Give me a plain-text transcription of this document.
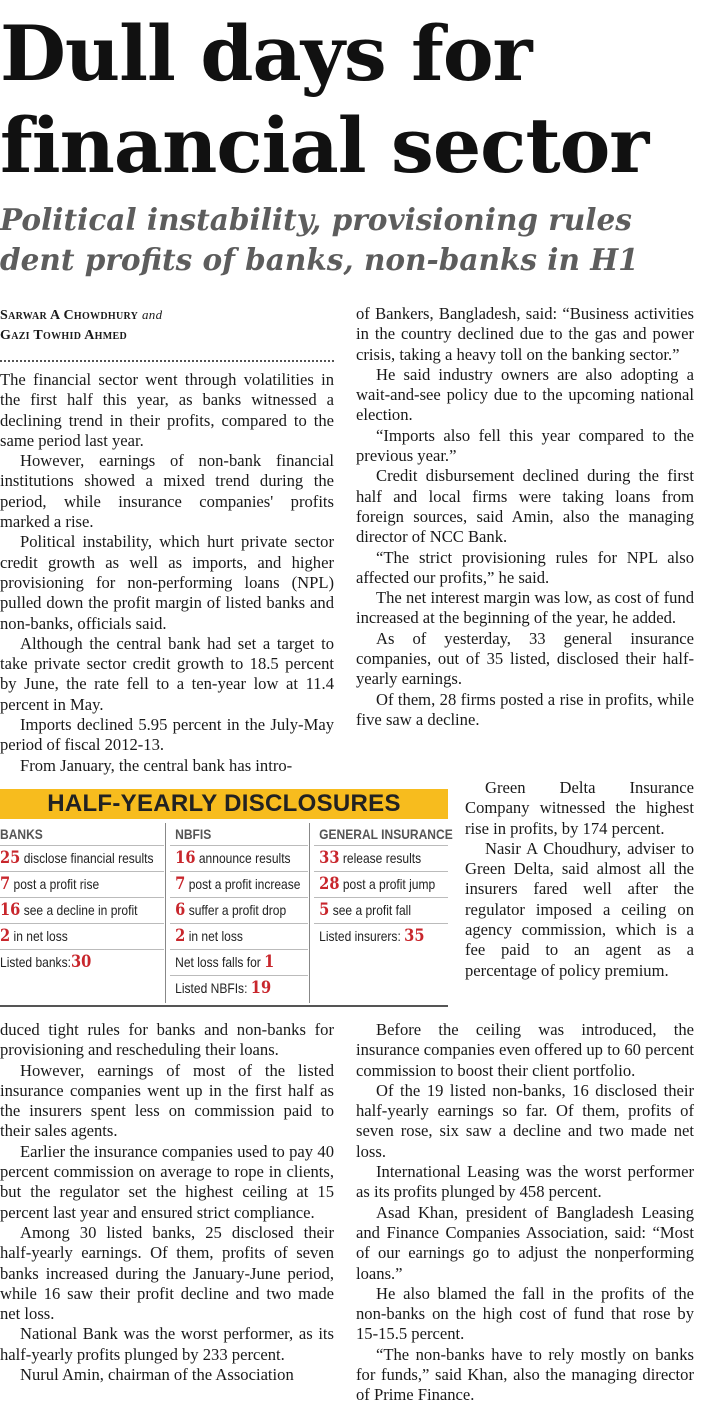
Dull days for
financial sector
Political instability, provisioning rules
dent profits of banks, non-banks in H1
Sarwar A Chowdhury and
Gazi Towhid Ahmed

The financial sector went through volatilities in the first half this year, as banks witnessed a declining trend in their profits, compared to the same period last year.

However, earnings of non-bank financial institutions showed a mixed trend during the period, while insurance companies' profits marked a rise.

Political instability, which hurt private sector credit growth as well as imports, and higher provisioning for non-performing loans (NPL) pulled down the profit margin of listed banks and non-banks, officials said.

Although the central bank had set a target to take private sector credit growth to 18.5 percent by June, the rate fell to a ten-year low at 11.4 percent in May.

Imports declined 5.95 percent in the July-May period of fiscal 2012-13.

From January, the central bank has intro-

HALF-YEARLY DISCLOSURES
BANKS
25 disclose financial results
7 post a profit rise
16 see a decline in profit
2 in net loss
Listed banks:30
NBFIS
16 announce results
7 post a profit increase
6 suffer a profit drop
2 in net loss
Net loss falls for 1
Listed NBFIs: 19
GENERAL INSURANCE
33 release results
28 post a profit jump
5 see a profit fall
Listed insurers: 35

duced tight rules for banks and non-banks for provisioning and rescheduling their loans.

However, earnings of most of the listed insurance companies went up in the first half as the insurers spent less on commission paid to their sales agents.

Earlier the insurance companies used to pay 40 percent commission on average to rope in clients, but the regulator set the highest ceiling at 15 percent last year and ensured strict compliance.

Among 30 listed banks, 25 disclosed their half-yearly earnings. Of them, profits of seven banks increased during the January-June period, while 16 saw their profit decline and two made net loss.

National Bank was the worst performer, as its half-yearly profits plunged by 233 percent.

Nurul Amin, chairman of the Association

of Bankers, Bangladesh, said: “Business activities in the country declined due to the gas and power crisis, taking a heavy toll on the banking sector.”

He said industry owners are also adopting a wait-and-see policy due to the upcoming national election.

“Imports also fell this year compared to the previous year.”

Credit disbursement declined during the first half and local firms were taking loans from foreign sources, said Amin, also the managing director of NCC Bank.

“The strict provisioning rules for NPL also affected our profits,” he said.

The net interest margin was low, as cost of fund increased at the beginning of the year, he added.

As of yesterday, 33 general insurance companies, out of 35 listed, disclosed their half-yearly earnings.

Of them, 28 firms posted a rise in profits, while five saw a decline.

Green Delta Insurance Company witnessed the highest rise in profits, by 174 percent.

Nasir A Choudhury, adviser to Green Delta, said almost all the insurers fared well after the regulator imposed a ceiling on agency commission, which is a fee paid to an agent as a percentage of policy premium.

Before the ceiling was introduced, the insurance companies even offered up to 60 percent commission to boost their client portfolio.

Of the 19 listed non-banks, 16 disclosed their half-yearly earnings so far. Of them, profits of seven rose, six saw a decline and two made net loss.

International Leasing was the worst performer as its profits plunged by 458 percent.

Asad Khan, president of Bangladesh Leasing and Finance Companies Association, said: “Most of our earnings go to adjust the nonperforming loans.”

He also blamed the fall in the profits of the non-banks on the high cost of fund that rose by 15-15.5 percent.

“The non-banks have to rely mostly on banks for funds,” said Khan, also the managing director of Prime Finance.
